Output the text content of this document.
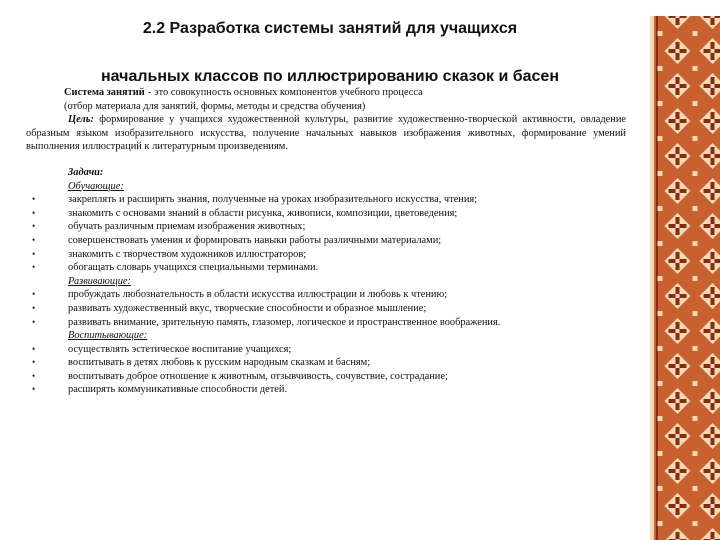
2.2 Разработка системы занятий для учащихся
начальных классов по иллюстрированию сказок и басен

Система занятий - это совокупность основных компонентов учебного процесса
(отбор материала для занятий, формы, методы и средства обучения)

Цель: формирование у учащихся художественной культуры, развитие художественно-творческой активности, овладение образным языком изобразительного искусства, получение начальных навыков изображения животных, формирование умений выполнения иллюстраций к литературным произведениям.

Задачи:

Обучающие:

•	закреплять и расширять знания, полученные на уроках изобразительного искусства, чтения;
•	знакомить с основами знаний в области рисунка, живописи, композиции, цветоведения;
•	обучать различным приемам изображения животных;
•	совершенствовать умения и формировать навыки работы различными материалами;
•	знакомить с творчеством художников иллюстраторов;
•	обогащать словарь учащихся специальными терминами.

Развивающие:

•	пробуждать любознательность в области искусства иллюстрации и любовь к чтению;
•	развивать художественный вкус, творческие способности и образное мышление;
•	развивать внимание, зрительную память, глазомер, логическое и пространственное воображения.

Воспитывающие:

•	осуществлять эстетическое воспитание учащихся;
•	воспитывать в детях любовь к русским народным сказкам и басням;
•	воспитывать доброе отношение к животным, отзывчивость, сочувствие, сострадание;
•	расширять коммуникативные способности детей.
